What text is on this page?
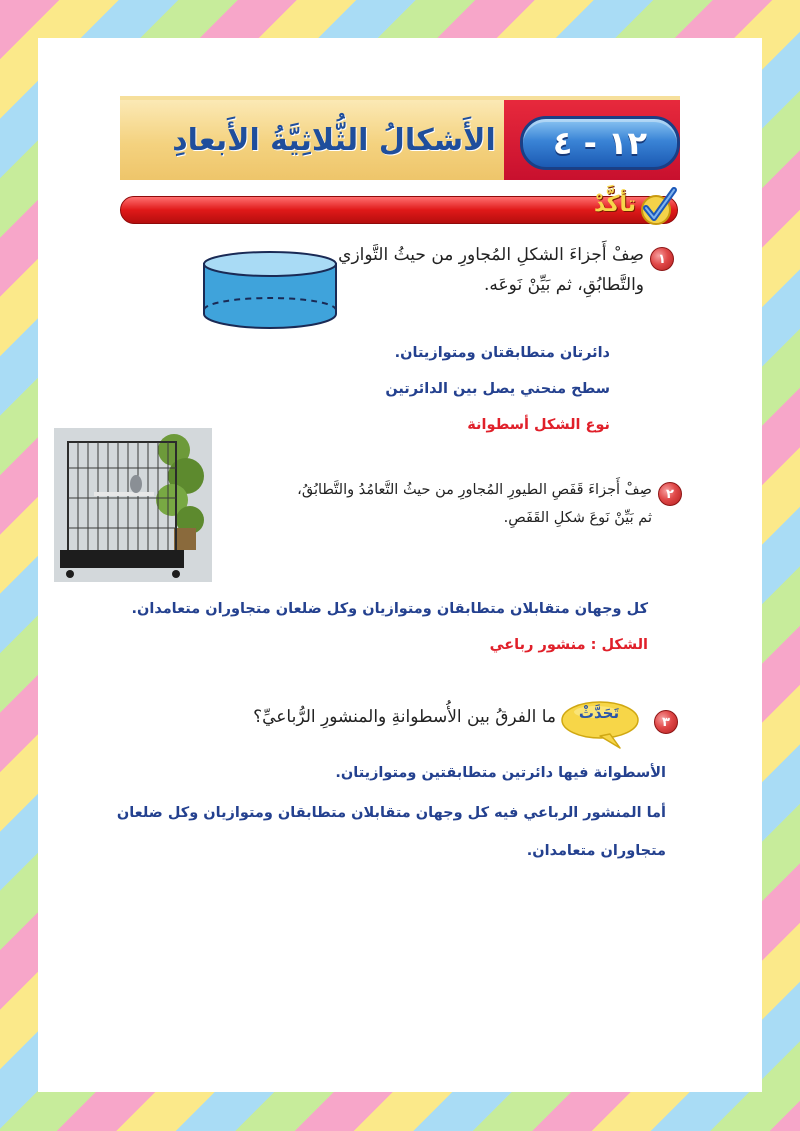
١٢ - ٤
الأَشكالُ الثُّلاثِيَّةُ الأَبعادِ
تأكَّدْ
١
صِفْ أَجزاءَ الشكلِ المُجاورِ من حيثُ التَّوازي
والتَّطابُقِ، ثم بَيِّنْ نَوعَه.
دائرتان متطابقتان ومتوازيتان.
سطح منحني يصل بين الدائرتين
نوع الشكل أسطوانة
٢
صِفْ أَجزاءَ قَفَصِ الطيورِ المُجاورِ من حيثُ التَّعامُدُ والتَّطابُقُ،
ثم بَيِّنْ نَوعَ شكلِ القَفَصِ.
كل وجهان متقابلان متطابقان ومتوازيان وكل ضلعان متجاوران متعامدان.
الشكل : منشور رباعي
٣
تَحَدَّثْ
ما الفرقُ بين الأُسطوانةِ والمنشورِ الرُّباعيِّ؟
الأسطوانة فيها دائرتين متطابقتين ومتوازيتان.
أما المنشور الرباعي فيه كل وجهان متقابلان متطابقان ومتوازيان وكل ضلعان
متجاوران متعامدان.
